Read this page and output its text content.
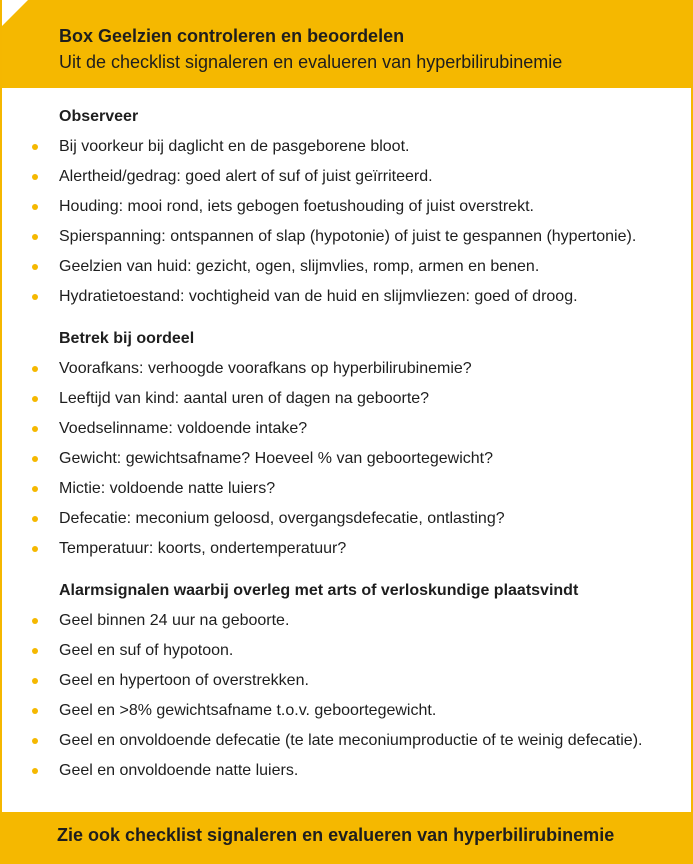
Box Geelzien controleren en beoordelen
Uit de checklist signaleren en evalueren van hyperbilirubinemie
Observeer
Bij voorkeur bij daglicht en de pasgeborene bloot.
Alertheid/gedrag: goed alert of suf of juist geïrriteerd.
Houding: mooi rond, iets gebogen foetushouding of juist overstrekt.
Spierspanning: ontspannen of slap (hypotonie) of juist te gespannen (hypertonie).
Geelzien van huid: gezicht, ogen, slijmvlies, romp, armen en benen.
Hydratietoestand: vochtigheid van de huid en slijmvliezen: goed of droog.
Betrek bij oordeel
Voorafkans: verhoogde voorafkans op hyperbilirubinemie?
Leeftijd van kind: aantal uren of dagen na geboorte?
Voedselinname: voldoende intake?
Gewicht: gewichtsafname? Hoeveel % van geboortegewicht?
Mictie: voldoende natte luiers?
Defecatie: meconium geloosd, overgangsdefecatie, ontlasting?
Temperatuur: koorts, ondertemperatuur?
Alarmsignalen waarbij overleg met arts of verloskundige plaatsvindt
Geel binnen 24 uur na geboorte.
Geel en suf of hypotoon.
Geel en hypertoon of overstrekken.
Geel en >8% gewichtsafname t.o.v. geboortegewicht.
Geel en onvoldoende defecatie (te late meconiumproductie of te weinig defecatie).
Geel en onvoldoende natte luiers.
Zie ook checklist signaleren en evalueren van hyperbilirubinemie
